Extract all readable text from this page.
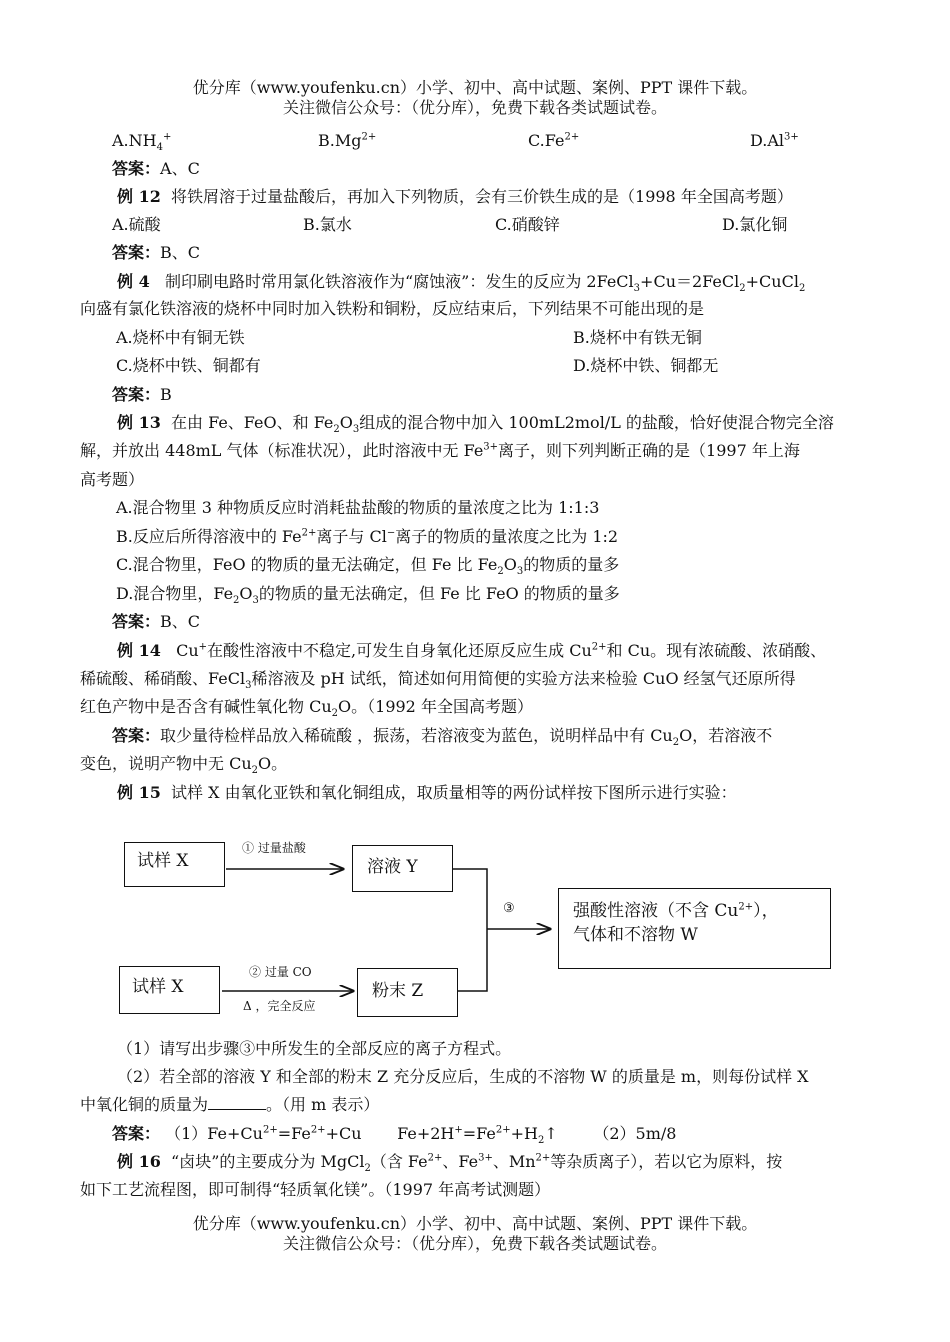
优分库（www.youfenku.cn）小学、初中、高中试题、案例、PPT 课件下载。
关注微信公众号：（优分库），免费下载各类试题试卷。
$A.NH_4^+$	$B.Mg^{2+}$	$C.Fe^{2+}$	$D.Al^{3+}$
答案：A、C
例 12 将铁屑溶于过量盐酸后，再加入下列物质，会有三价铁生成的是（1998 年全国高考题）
A.硫酸	B.氯水	C.硝酸锌	D.氯化铜
答案：B、C
例 4 制印刷电路时常用氯化铁溶液作为“腐蚀液”：发生的反应为 2FeCl$_3$+Cu＝2FeCl$_2$+CuCl$_2$
向盛有氯化铁溶液的烧杯中同时加入铁粉和铜粉，反应结束后，下列结果不可能出现的是
A.烧杯中有铜无铁	B.烧杯中有铁无铜
C.烧杯中铁、铜都有	D.烧杯中铁、铜都无
答案：B
例 13 在由 Fe、FeO、和 $Fe_2O_3$组成的混合物中加入 100mL2mol/L 的盐酸，恰好使混合物完全溶
解，并放出 448mL 气体（标准状况），此时溶液中无 $Fe^{3+}$离子，则下列判断正确的是（1997 年上海
高考题）
A.混合物里 3 种物质反应时消耗盐盐酸的物质的量浓度之比为 1:1:3
B.反应后所得溶液中的 $Fe^{2+}$离子与 Cl−离子的物质的量浓度之比为 1:2
C.混合物里，FeO 的物质的量无法确定，但 Fe 比 $Fe_2O_3$的物质的量多
D.混合物里，$Fe_2O_3$的物质的量无法确定，但 Fe 比 FeO 的物质的量多
答案：B、C
例 14 Cu+在酸性溶液中不稳定,可发生自身氧化还原反应生成 $Cu^{2+}$和 Cu。现有浓硫酸、浓硝酸、
稀硫酸、稀硝酸、FeCl$_3$稀溶液及 pH 试纸，简述如何用简便的实验方法来检验 CuO 经氢气还原所得
红色产物中是否含有碱性氧化物 $Cu_2O$。（1992 年全国高考题）
答案：取少量待检样品放入稀硫酸 ，振荡，若溶液变为蓝色，说明样品中有 $Cu_2O$，若溶液不
变色，说明产物中无 $Cu_2O$。
例 15 试样 X 由氧化亚铁和氧化铜组成，取质量相等的两份试样按下图所示进行实验：
试样 X	溶液 Y
试样 X	粉末 Z
强酸性溶液（不含 $Cu^{2+}$），
气体和不溶物 W
① 过量盐酸
② 过量 CO
Δ ，完全反应
③
（1）请写出步骤③中所发生的全部反应的离子方程式。
（2）若全部的溶液 Y 和全部的粉末 Z 充分反应后，生成的不溶物 W 的质量是 m，则每份试样 X
中氧化铜的质量为	。（用 m 表示）
答案： $(1)Fe+Cu^{2+}=Fe^{2+}+Cu$ $Fe+2H^+=Fe^{2+}+H_2↑$ （2）5m/8
例 16 “卤块”的主要成分为 MgCl$_2$（含 $Fe^{2+}$、$Fe^{3+}$、$Mn^{2+}$等杂质离子），若以它为原料，按
如下工艺流程图，即可制得“轻质氧化镁”。（1997 年高考试测题）
优分库（www.youfenku.cn）小学、初中、高中试题、案例、PPT 课件下载。
关注微信公众号：（优分库），免费下载各类试题试卷。
